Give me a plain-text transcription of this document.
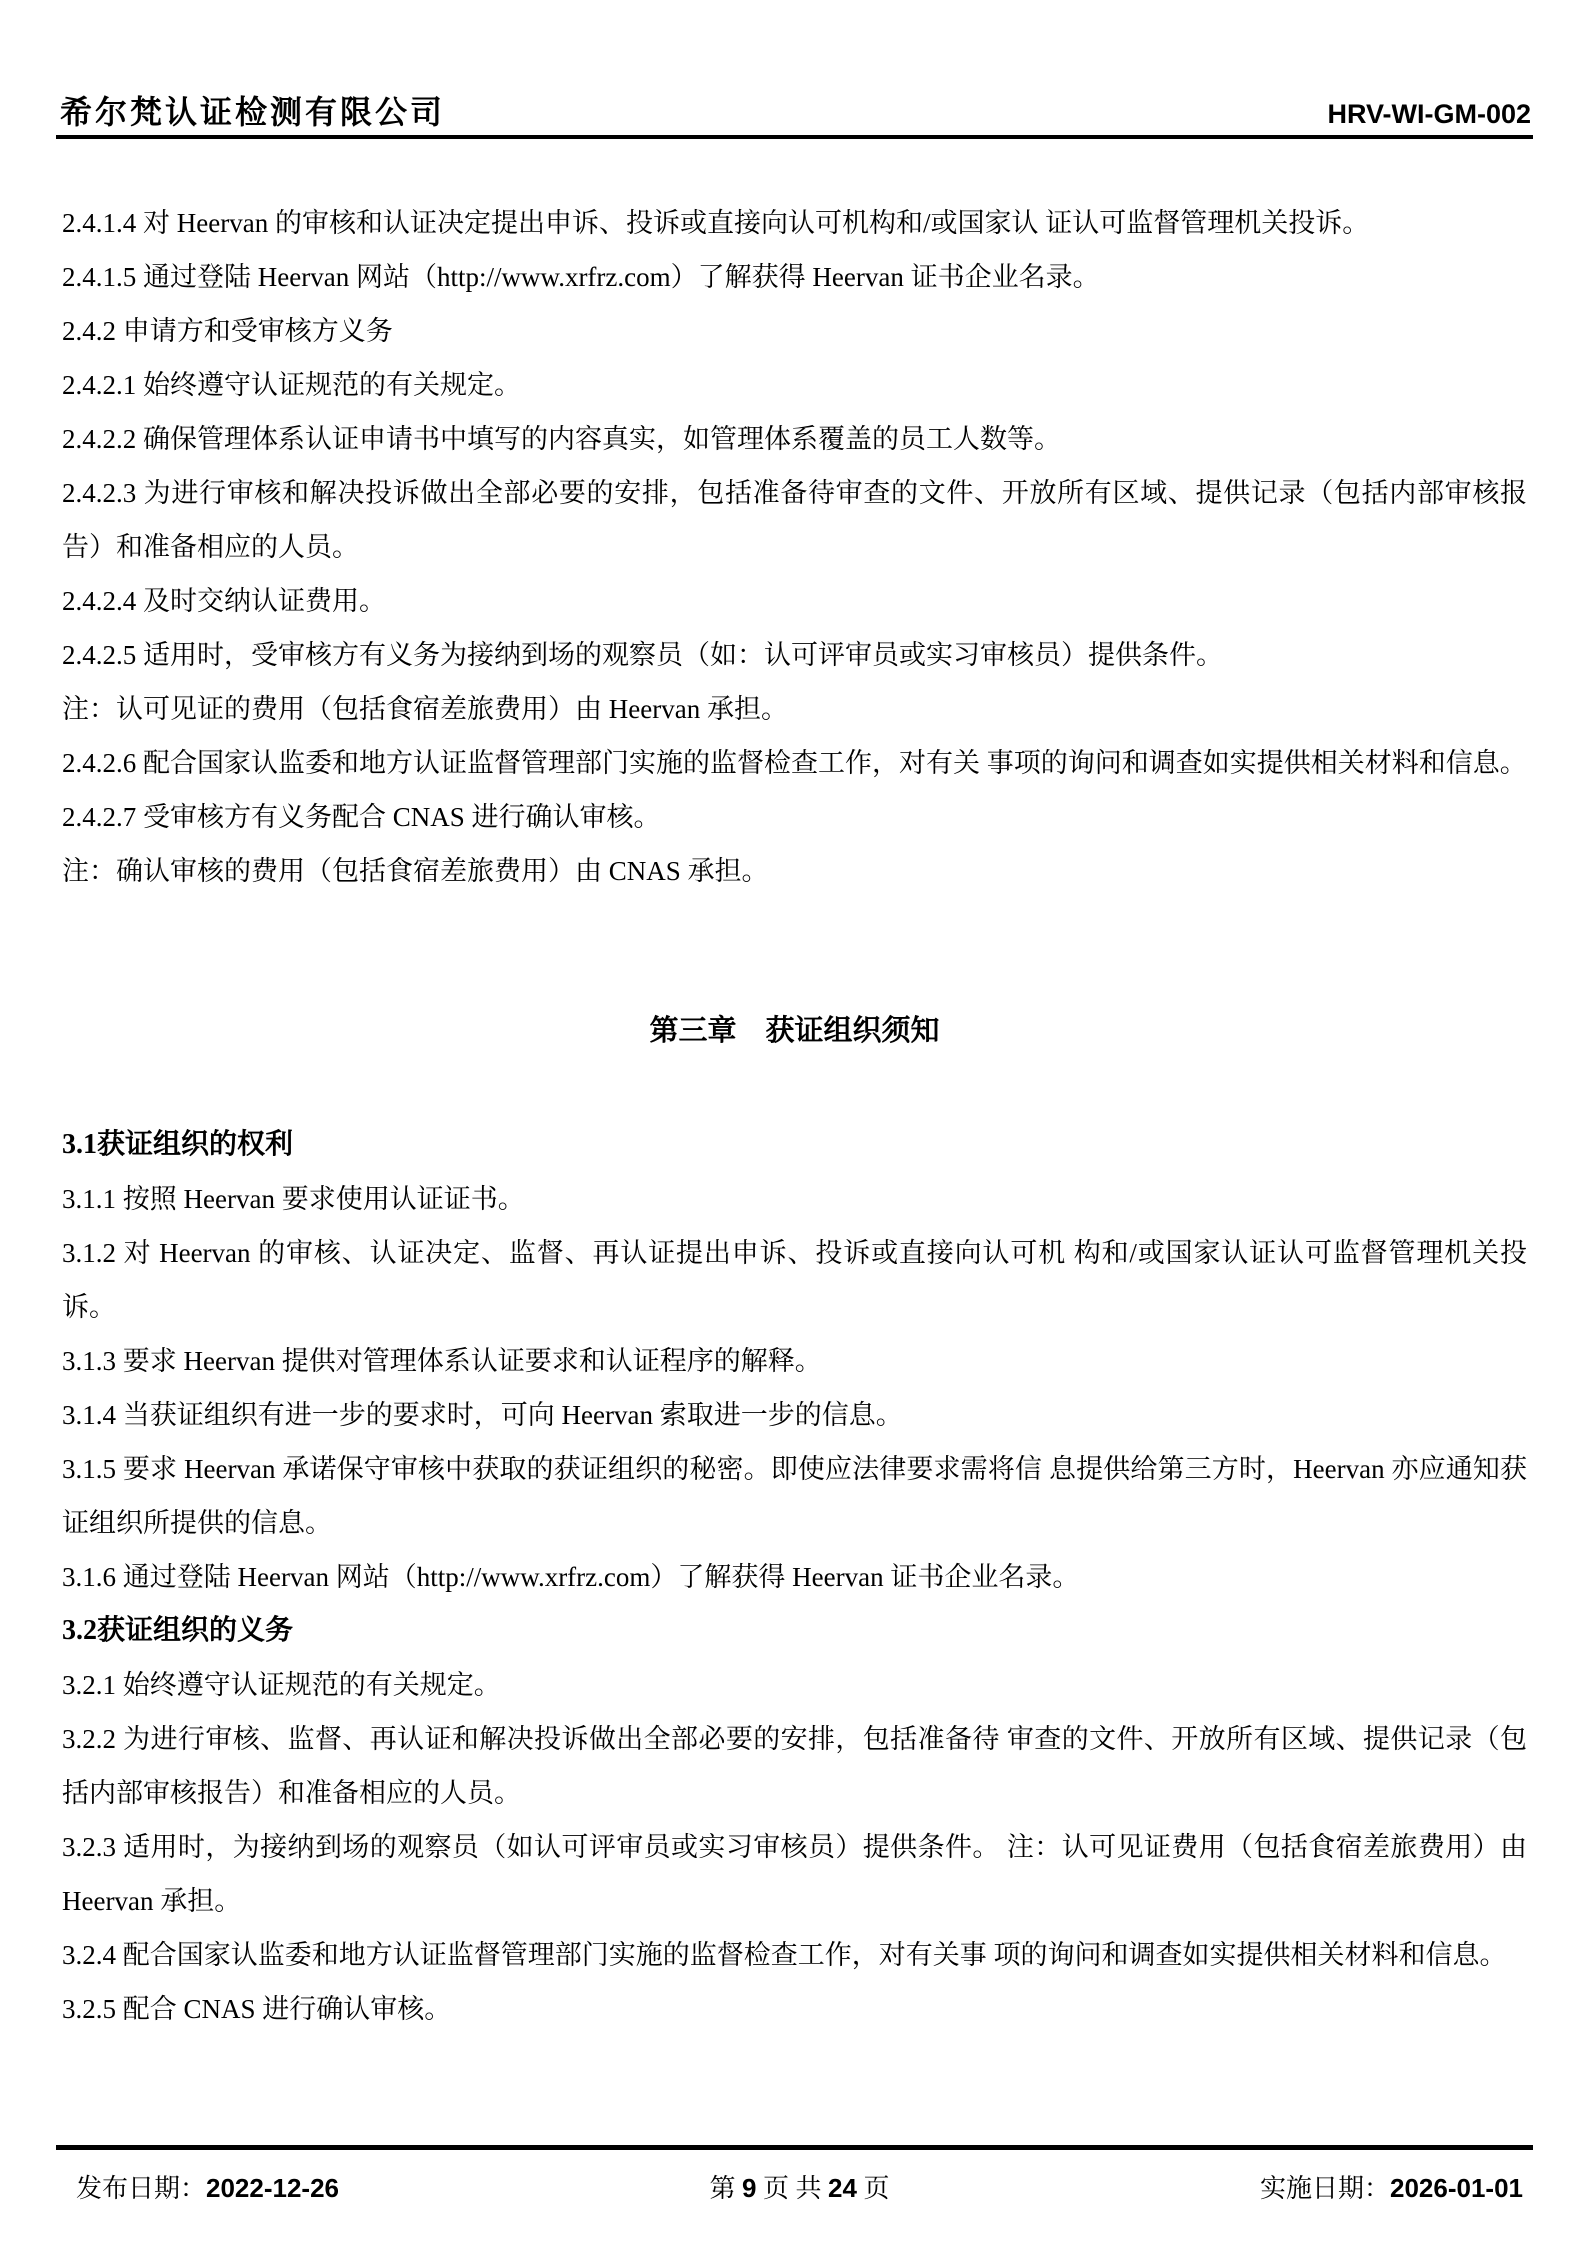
希尔梵认证检测有限公司	HRV-WI-GM-002

2.4.1.4 对 Heervan 的审核和认证决定提出申诉、投诉或直接向认可机构和/或国家认 证认可监督管理机关投诉。

2.4.1.5 通过登陆 Heervan 网站（http://www.xrfrz.com）了解获得 Heervan 证书企业名录。

2.4.2 申请方和受审核方义务

2.4.2.1 始终遵守认证规范的有关规定。

2.4.2.2 确保管理体系认证申请书中填写的内容真实，如管理体系覆盖的员工人数等。

2.4.2.3 为进行审核和解决投诉做出全部必要的安排，包括准备待审查的文件、开放所有区域、提供记录（包括内部审核报告）和准备相应的人员。

2.4.2.4 及时交纳认证费用。

2.4.2.5 适用时，受审核方有义务为接纳到场的观察员（如：认可评审员或实习审核员）提供条件。

注：认可见证的费用（包括食宿差旅费用）由 Heervan 承担。

2.4.2.6 配合国家认监委和地方认证监督管理部门实施的监督检查工作，对有关 事项的询问和调查如实提供相关材料和信息。

2.4.2.7 受审核方有义务配合 CNAS 进行确认审核。

注：确认审核的费用（包括食宿差旅费用）由 CNAS 承担。

第三章　获证组织须知

3.1获证组织的权利

3.1.1 按照 Heervan 要求使用认证证书。

3.1.2 对 Heervan 的审核、认证决定、监督、再认证提出申诉、投诉或直接向认可机 构和/或国家认证认可监督管理机关投诉。

3.1.3 要求 Heervan 提供对管理体系认证要求和认证程序的解释。

3.1.4 当获证组织有进一步的要求时，可向 Heervan 索取进一步的信息。

3.1.5 要求 Heervan 承诺保守审核中获取的获证组织的秘密。即使应法律要求需将信 息提供给第三方时，Heervan 亦应通知获证组织所提供的信息。

3.1.6 通过登陆 Heervan 网站（http://www.xrfrz.com）了解获得 Heervan 证书企业名录。

3.2获证组织的义务

3.2.1 始终遵守认证规范的有关规定。

3.2.2 为进行审核、监督、再认证和解决投诉做出全部必要的安排，包括准备待 审查的文件、开放所有区域、提供记录（包括内部审核报告）和准备相应的人员。

3.2.3 适用时，为接纳到场的观察员（如认可评审员或实习审核员）提供条件。 注：认可见证费用（包括食宿差旅费用）由 Heervan 承担。

3.2.4 配合国家认监委和地方认证监督管理部门实施的监督检查工作，对有关事 项的询问和调查如实提供相关材料和信息。

3.2.5 配合 CNAS 进行确认审核。

发布日期：2022-12-26	第 9 页 共 24 页	实施日期：2026-01-01
